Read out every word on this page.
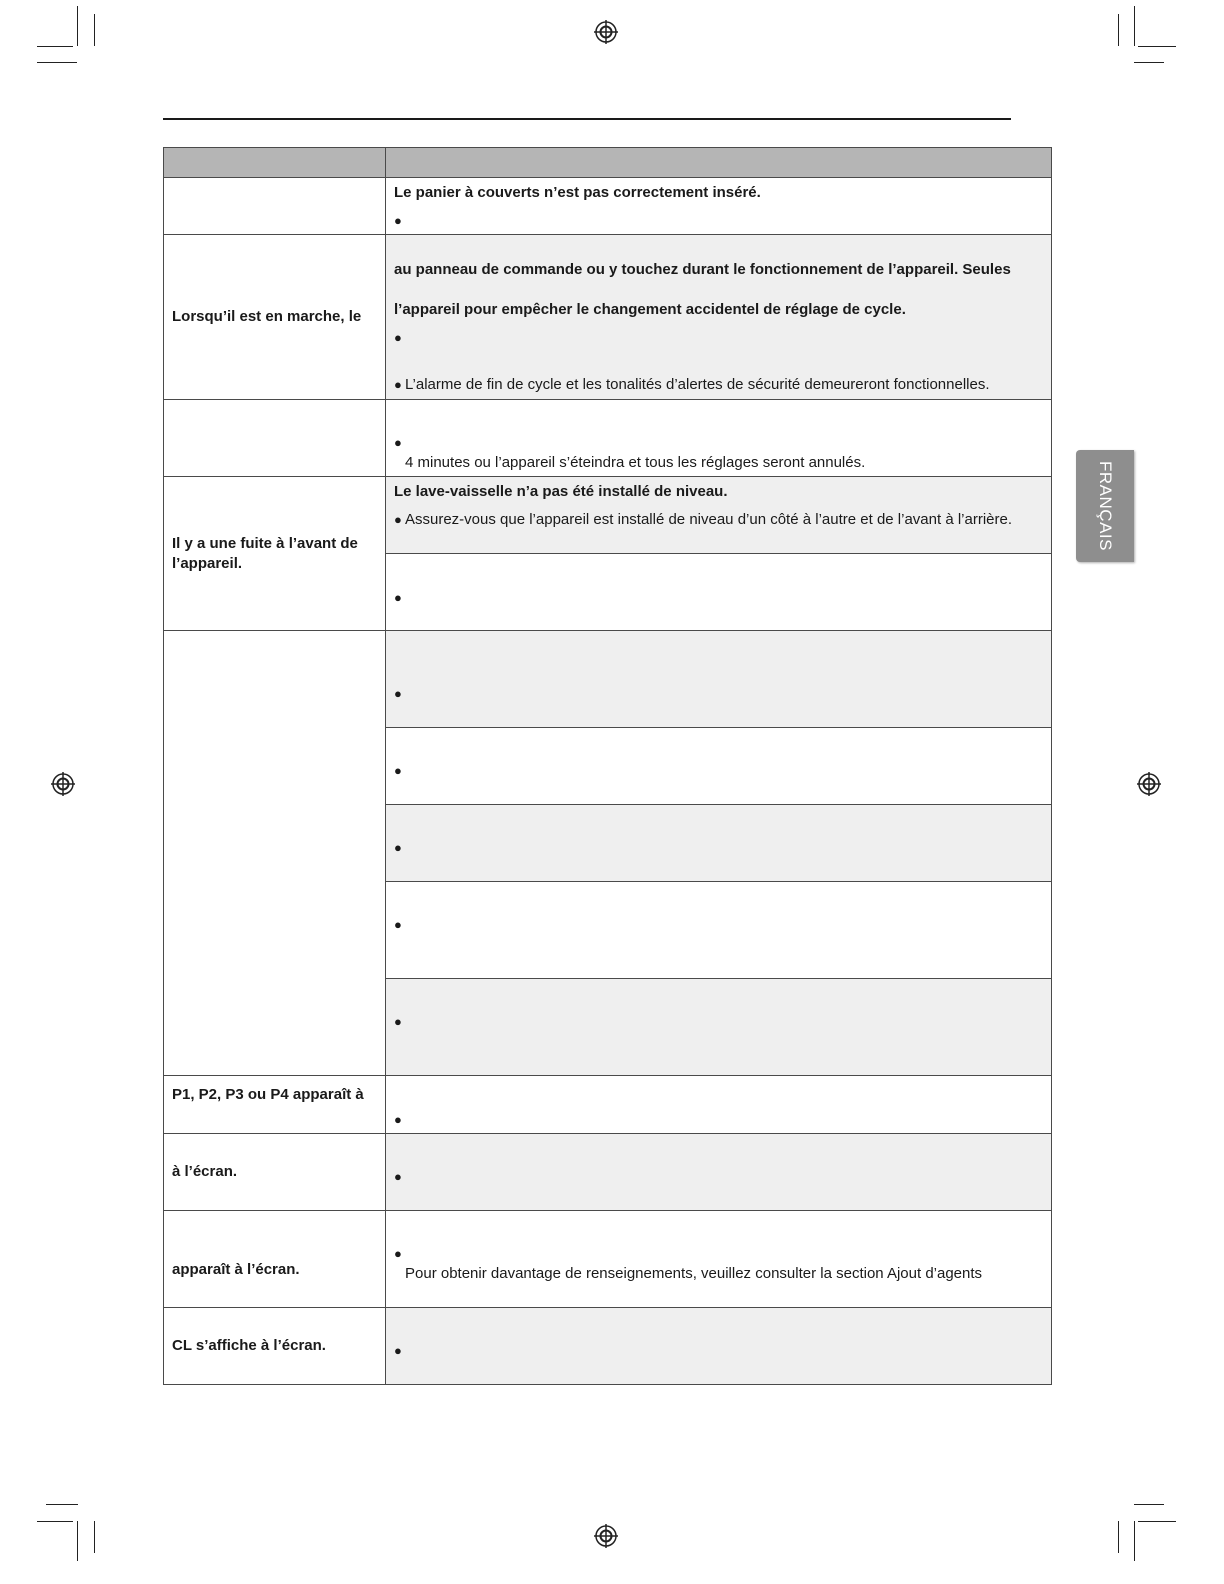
FRANÇAIS

	Le panier à couverts n’est pas correctement inséré.
●

Lorsqu’il est en marche, le	au panneau de commande ou y touchez durant le fonctionnement de l’appareil. Seules
l’appareil pour empêcher le changement accidentel de réglage de cycle.
●
● L’alarme de fin de cycle et les tonalités d’alertes de sécurité demeureront fonctionnelles.

	●
4 minutes ou l’appareil s’éteindra et tous les réglages seront annulés.

Il y a une fuite à l’avant de l’appareil.	Le lave-vaisselle n’a pas été installé de niveau.
● Assurez-vous que l’appareil est installé de niveau d’un côté à l’autre et de l’avant à l’arrière.

	●

	●

	●

	●

	●

	●

P1, P2, P3 ou P4 apparaît à	●

à l’écran.	●

apparaît à l’écran.	●
Pour obtenir davantage de renseignements, veuillez consulter la section Ajout d’agents

CL s’affiche à l’écran.	●
